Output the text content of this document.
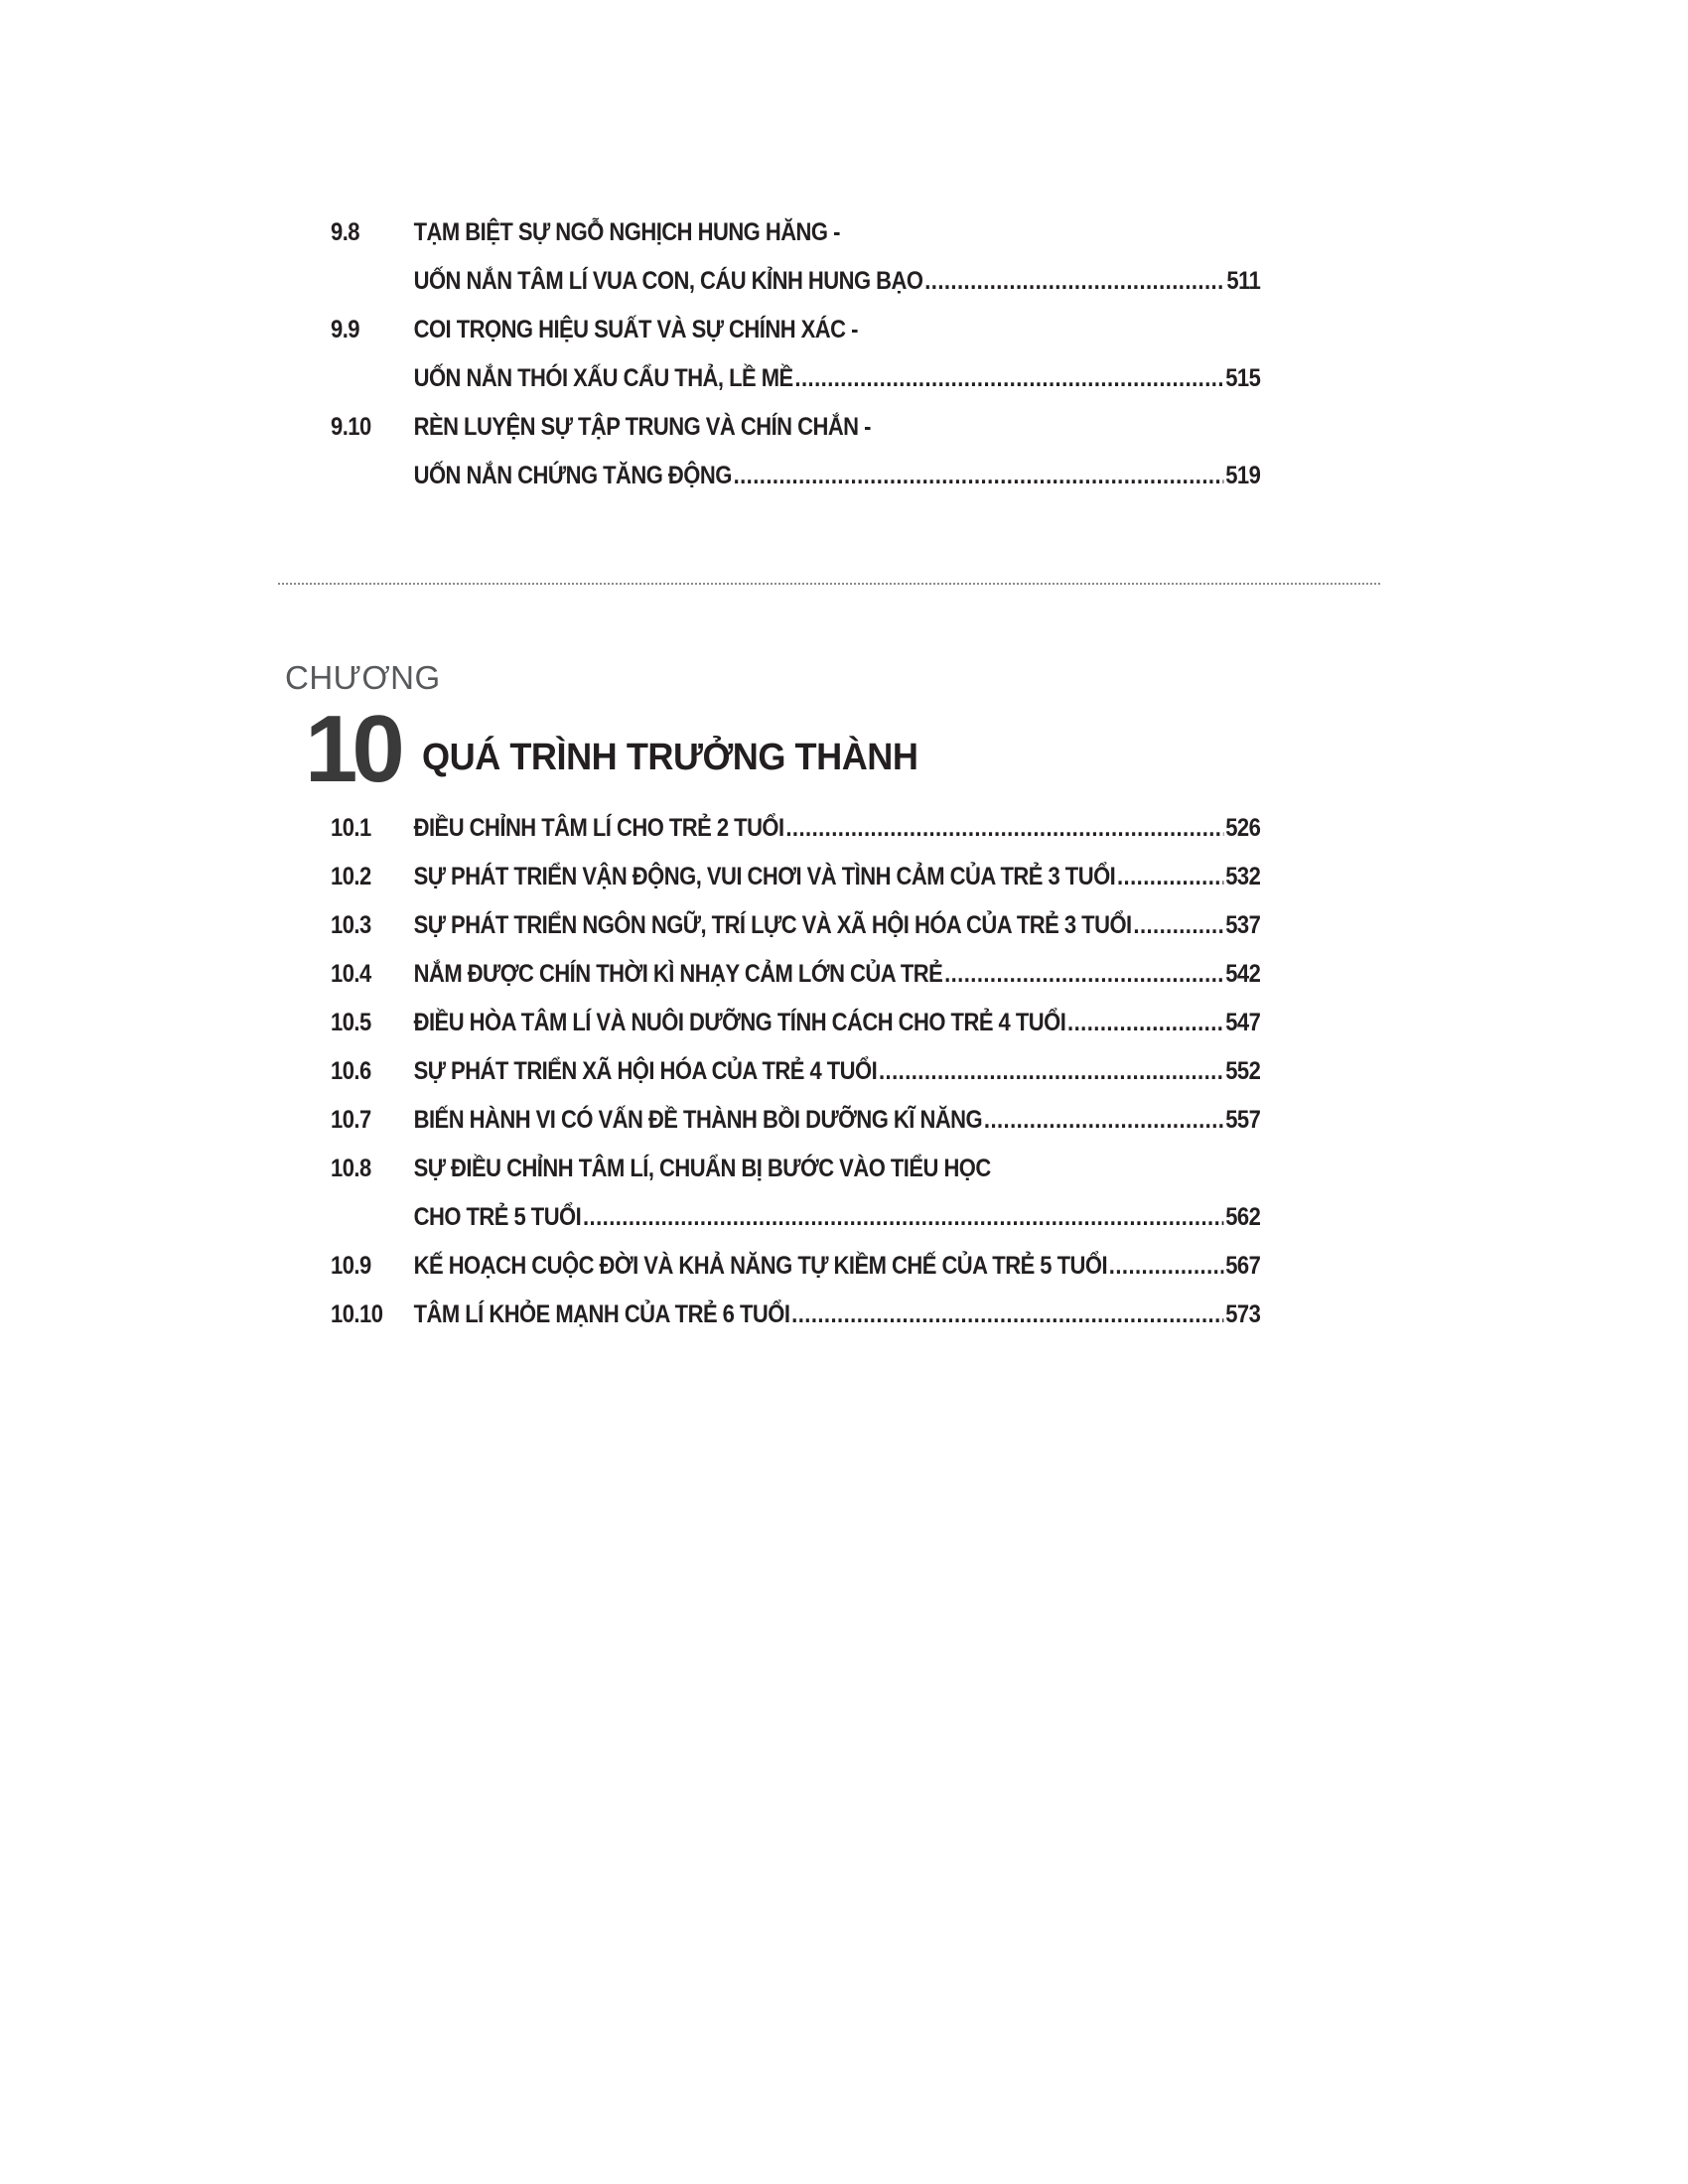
9.8	TẠM BIỆT SỰ NGỖ NGHỊCH HUNG HĂNG -
UỐN NẮN TÂM LÍ VUA CON, CÁU KỈNH HUNG BẠO .....	511
9.9	COI TRỌNG HIỆU SUẤT VÀ SỰ CHÍNH XÁC -
UỐN NẮN THÓI XẤU CẨU THẢ, LỀ MỀ .....	515
9.10	RÈN LUYỆN SỰ TẬP TRUNG VÀ CHÍN CHẮN -
UỐN NẮN CHỨNG TĂNG ĐỘNG .....	519
CHƯƠNG
10 QUÁ TRÌNH TRƯỞNG THÀNH
10.1	ĐIỀU CHỈNH TÂM LÍ CHO TRẺ 2 TUỔI .....	526
10.2	SỰ PHÁT TRIỂN VẬN ĐỘNG, VUI CHƠI VÀ TÌNH CẢM CỦA TRẺ 3 TUỔI .....	532
10.3	SỰ PHÁT TRIỂN NGÔN NGỮ, TRÍ LỰC VÀ XÃ HỘI HÓA CỦA TRẺ 3 TUỔI .....	537
10.4	NẮM ĐƯỢC CHÍN THỜI KÌ NHẠY CẢM LỚN CỦA TRẺ .....	542
10.5	ĐIỀU HÒA TÂM LÍ VÀ NUÔI DƯỠNG TÍNH CÁCH CHO TRẺ 4 TUỔI .....	547
10.6	SỰ PHÁT TRIỂN XÃ HỘI HÓA CỦA TRẺ 4 TUỔI .....	552
10.7	BIẾN HÀNH VI CÓ VẤN ĐỀ THÀNH BỒI DƯỠNG KĨ NĂNG .....	557
10.8	SỰ ĐIỀU CHỈNH TÂM LÍ, CHUẨN BỊ BƯỚC VÀO TIỂU HỌC
CHO TRẺ 5 TUỔI .....	562
10.9	KẾ HOẠCH CUỘC ĐỜI VÀ KHẢ NĂNG TỰ KIỀM CHẾ CỦA TRẺ 5 TUỔI .....	567
10.10	TÂM LÍ KHỎE MẠNH CỦA TRẺ 6 TUỔI .....	573
